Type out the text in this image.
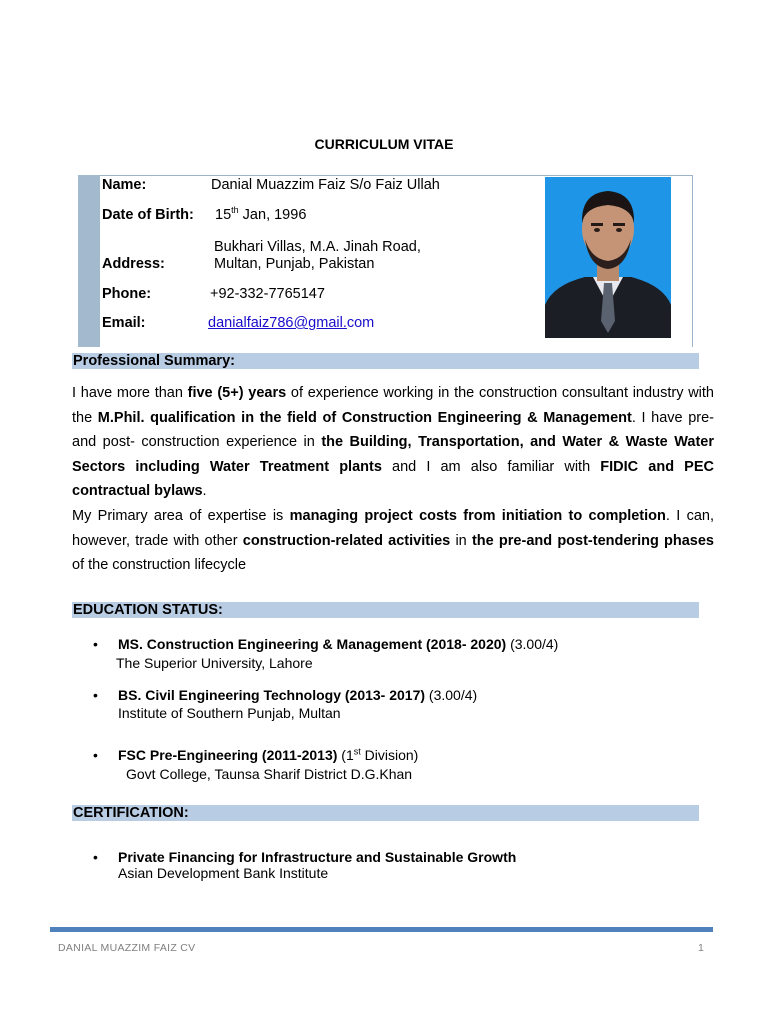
CURRICULUM VITAE
Name:	Danial Muazzim Faiz S/o Faiz Ullah
Date of Birth: 15th Jan, 1996
Bukhari Villas, M.A. Jinah Road,
Address:	Multan, Punjab, Pakistan
Phone:	+92-332-7765147
Email:	danialfaiz786@gmail.com
Professional Summary:
I have more than five (5+) years of experience working in the construction consultant industry with the M.Phil. qualification in the field of Construction Engineering & Management. I have pre- and post- construction experience in the Building, Transportation, and Water & Waste Water Sectors including Water Treatment plants and I am also familiar with FIDIC and PEC contractual bylaws.
My Primary area of expertise is managing project costs from initiation to completion. I can, however, trade with other construction-related activities in the pre-and post-tendering phases of the construction lifecycle
EDUCATION STATUS:
• MS. Construction Engineering & Management (2018- 2020) (3.00/4)
The Superior University, Lahore
• BS. Civil Engineering Technology (2013- 2017) (3.00/4)
Institute of Southern Punjab, Multan
• FSC Pre-Engineering (2011-2013) (1st Division)
Govt College, Taunsa Sharif District D.G.Khan
CERTIFICATION:
• Private Financing for Infrastructure and Sustainable Growth
Asian Development Bank Institute
DANIAL MUAZZIM FAIZ CV	1
